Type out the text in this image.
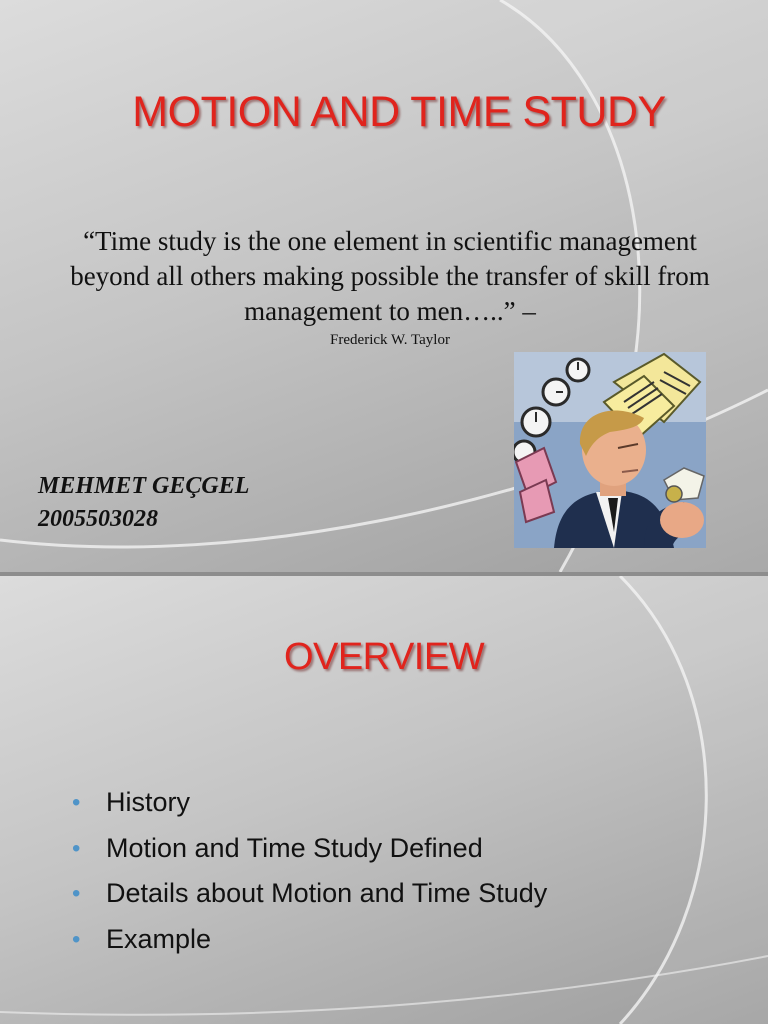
MOTION AND TIME STUDY
“Time study is the one element in scientific management beyond all others making possible the transfer of skill from management to men…..” –
Frederick W. Taylor
MEHMET GEÇGEL
2005503028
OVERVIEW
• History
• Motion and Time Study Defined
• Details about Motion and Time Study
• Example
